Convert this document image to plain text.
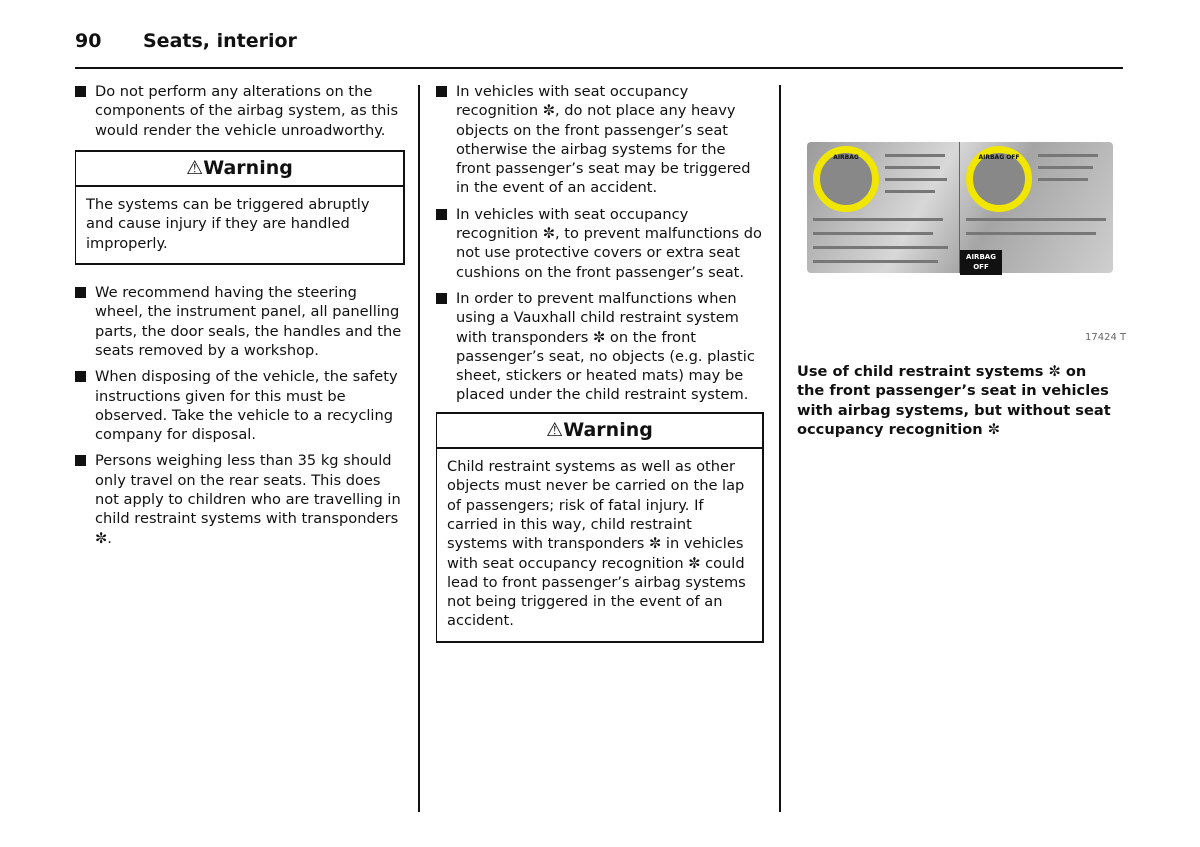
90 Seats, interior
Do not perform any alterations on the components of the airbag system, as this would render the vehicle unroadworthy.
⚠Warning
The systems can be triggered abruptly and cause injury if they are handled improperly.
We recommend having the steering wheel, the instrument panel, all panelling parts, the door seals, the handles and the seats removed by a workshop.
When disposing of the vehicle, the safety instructions given for this must be observed. Take the vehicle to a recycling company for disposal.
Persons weighing less than 35 kg should only travel on the rear seats. This does not apply to children who are travelling in child restraint systems with transponders ✼.
In vehicles with seat occupancy recognition ✼, do not place any heavy objects on the front passenger’s seat otherwise the airbag systems for the front passenger’s seat may be triggered in the event of an accident.
In vehicles with seat occupancy recognition ✼, to prevent malfunctions do not use protective covers or extra seat cushions on the front passenger’s seat.
In order to prevent malfunctions when using a Vauxhall child restraint system with transponders ✼ on the front passenger’s seat, no objects (e.g. plastic sheet, stickers or heated mats) may be placed under the child restraint system.
⚠Warning
Child restraint systems as well as other objects must never be carried on the lap of passengers; risk of fatal injury. If carried in this way, child restraint systems with transponders ✼ in vehicles with seat occupancy recognition ✼ could lead to front passenger’s airbag systems not being triggered in the event of an accident.
AIRBAG	AIRBAG OFF
AIRBAG
OFF
17424 T
Use of child restraint systems ✼ on the front passenger’s seat in vehicles with airbag systems, but without seat occupancy recognition ✼
